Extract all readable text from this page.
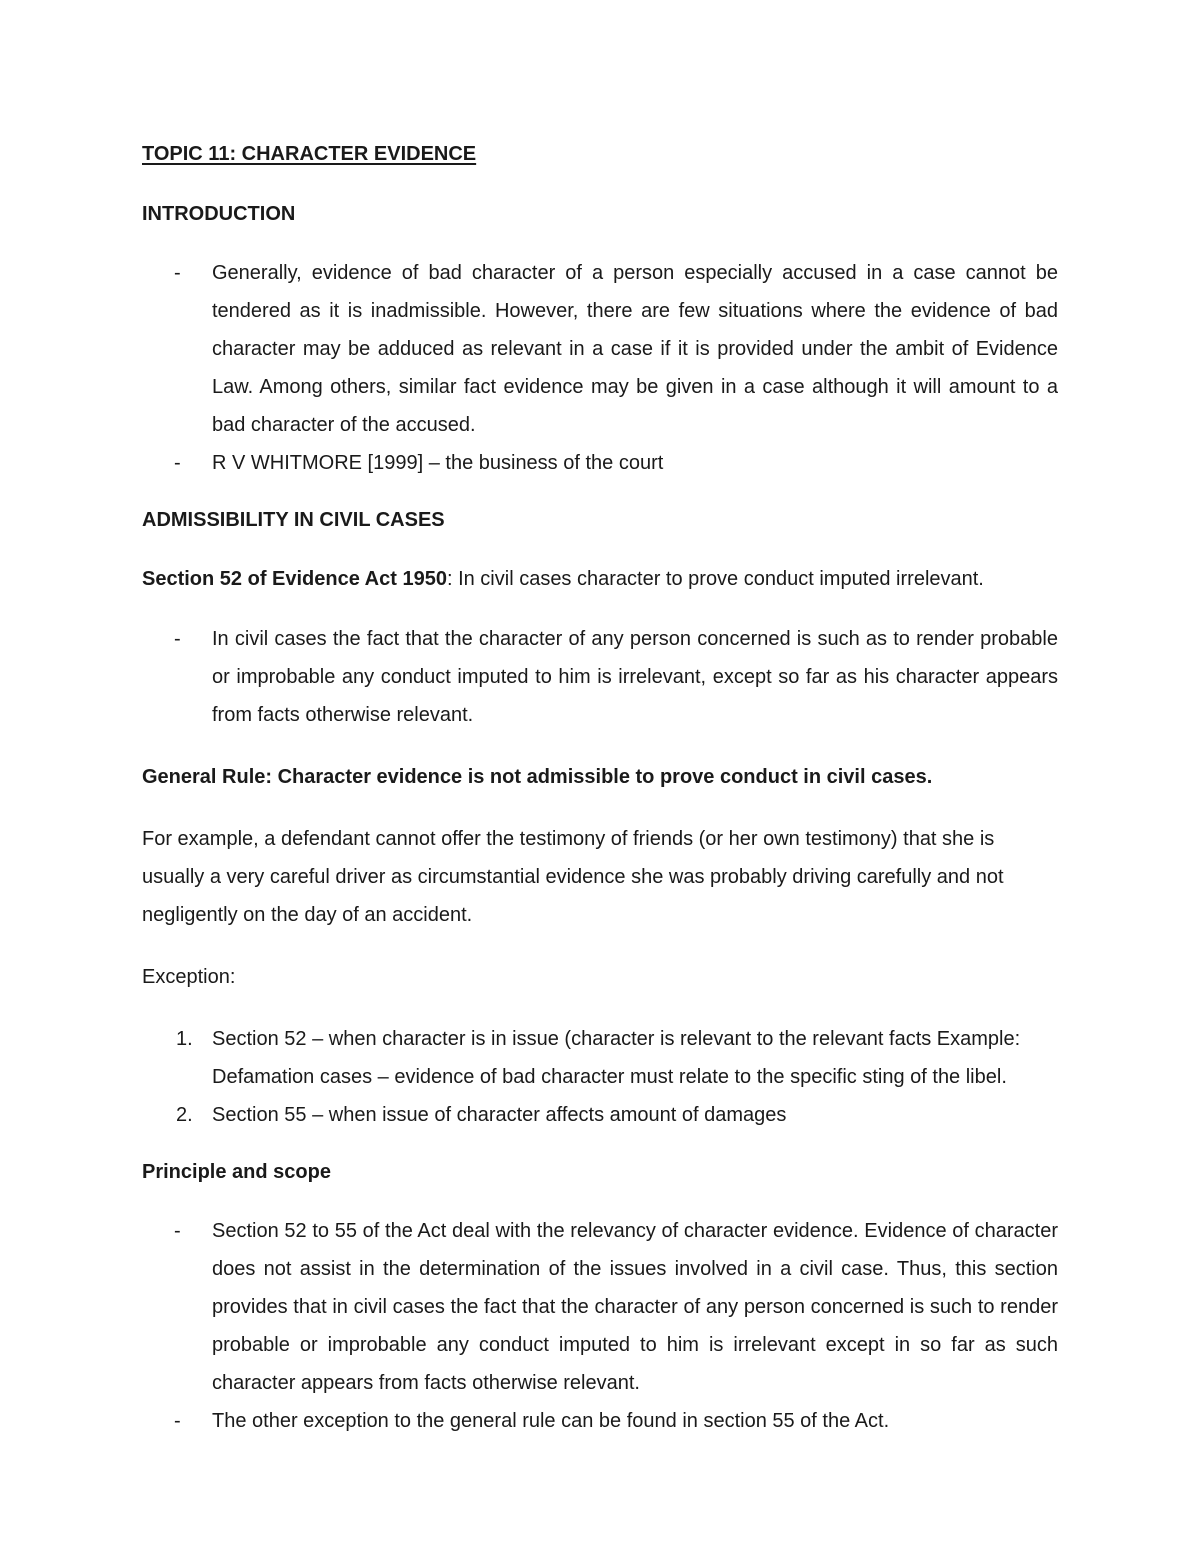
TOPIC 11: CHARACTER EVIDENCE
INTRODUCTION
- Generally, evidence of bad character of a person especially accused in a case cannot be tendered as it is inadmissible. However, there are few situations where the evidence of bad character may be adduced as relevant in a case if it is provided under the ambit of Evidence Law. Among others, similar fact evidence may be given in a case although it will amount to a bad character of the accused.
- R V WHITMORE [1999] – the business of the court
ADMISSIBILITY IN CIVIL CASES
Section 52 of Evidence Act 1950: In civil cases character to prove conduct imputed irrelevant.
- In civil cases the fact that the character of any person concerned is such as to render probable or improbable any conduct imputed to him is irrelevant, except so far as his character appears from facts otherwise relevant.
General Rule: Character evidence is not admissible to prove conduct in civil cases.
For example, a defendant cannot offer the testimony of friends (or her own testimony) that she is usually a very careful driver as circumstantial evidence she was probably driving carefully and not negligently on the day of an accident.
Exception:
1. Section 52 – when character is in issue (character is relevant to the relevant facts Example: Defamation cases – evidence of bad character must relate to the specific sting of the libel.
2. Section 55 – when issue of character affects amount of damages
Principle and scope
- Section 52 to 55 of the Act deal with the relevancy of character evidence. Evidence of character does not assist in the determination of the issues involved in a civil case. Thus, this section provides that in civil cases the fact that the character of any person concerned is such to render probable or improbable any conduct imputed to him is irrelevant except in so far as such character appears from facts otherwise relevant.
- The other exception to the general rule can be found in section 55 of the Act.
